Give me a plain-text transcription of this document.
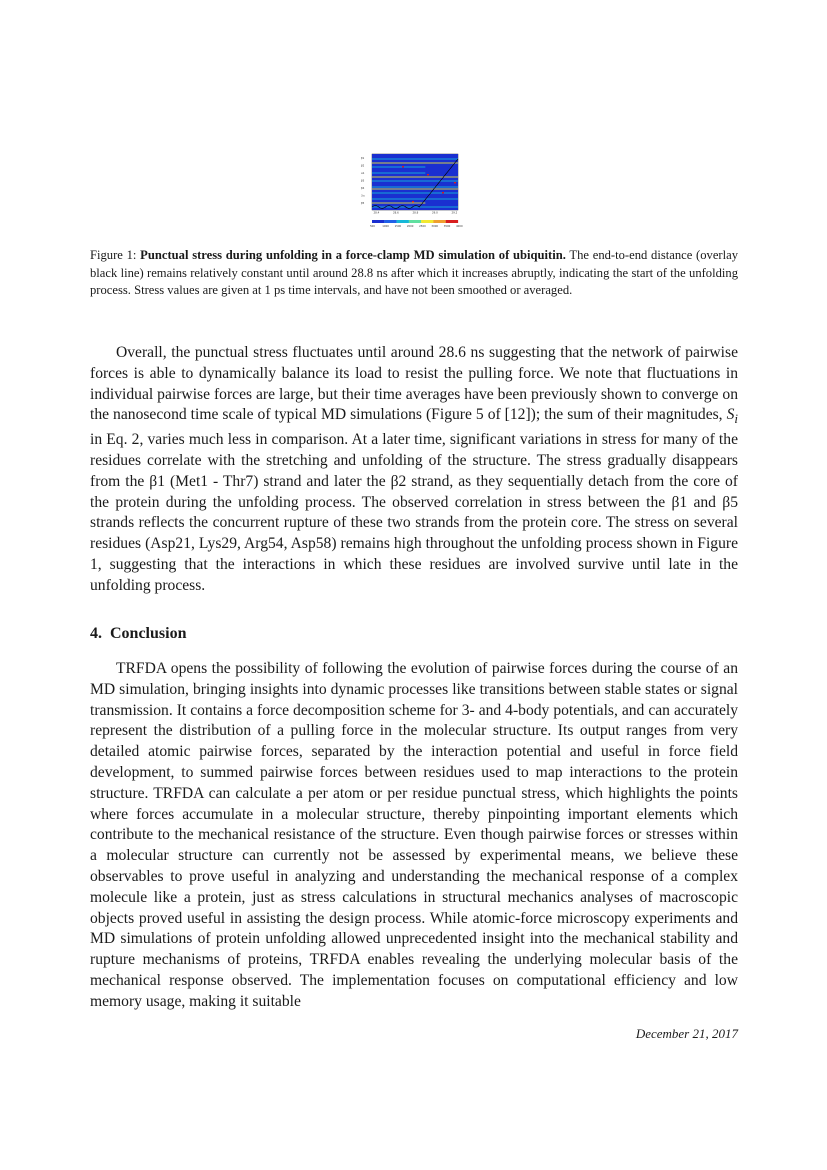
β1
β2
α1
β3
β4
3₁₀
β5
28.4	28.6	28.8	29.0	29.2
500	1000 1500 2000 2500 3000 3500 4000
Figure 1: Punctual stress during unfolding in a force-clamp MD simulation of ubiquitin. The end-to-end distance (overlay black line) remains relatively constant until around 28.8 ns after which it increases abruptly, indicating the start of the unfolding process. Stress values are given at 1 ps time intervals, and have not been smoothed or averaged.
Overall, the punctual stress fluctuates until around 28.6 ns suggesting that the network of pairwise forces is able to dynamically balance its load to resist the pulling force. We note that fluctuations in individual pairwise forces are large, but their time averages have been previously shown to converge on the nanosecond time scale of typical MD simulations (Figure 5 of [12]); the sum of their magnitudes, $S_i$ in Eq. 2, varies much less in comparison. At a later time, significant variations in stress for many of the residues correlate with the stretching and unfolding of the structure. The stress gradually disappears from the β1 (Met1 - Thr7) strand and later the β2 strand, as they sequentially detach from the core of the protein during the unfolding process. The observed correlation in stress between the β1 and β5 strands reflects the concurrent rupture of these two strands from the protein core. The stress on several residues (Asp21, Lys29, Arg54, Asp58) remains high throughout the unfolding process shown in Figure 1, suggesting that the interactions in which these residues are involved survive until late in the unfolding process.
4. Conclusion
TRFDA opens the possibility of following the evolution of pairwise forces during the course of an MD simulation, bringing insights into dynamic processes like transitions between stable states or signal transmission. It contains a force decomposition scheme for 3- and 4-body potentials, and can accurately represent the distribution of a pulling force in the molecular structure. Its output ranges from very detailed atomic pairwise forces, separated by the interaction potential and useful in force field development, to summed pairwise forces between residues used to map interactions to the protein structure. TRFDA can calculate a per atom or per residue punctual stress, which highlights the points where forces accumulate in a molecular structure, thereby pinpointing important elements which contribute to the mechanical resistance of the structure. Even though pairwise forces or stresses within a molecular structure can currently not be assessed by experimental means, we believe these observables to prove useful in analyzing and understanding the mechanical response of a complex molecule like a protein, just as stress calculations in structural mechanics analyses of macroscopic objects proved useful in assisting the design process. While atomic-force microscopy experiments and MD simulations of protein unfolding allowed unprecedented insight into the mechanical stability and rupture mechanisms of proteins, TRFDA enables revealing the underlying molecular basis of the mechanical response observed. The implementation focuses on computational efficiency and low memory usage, making it suitable
December 21, 2017
